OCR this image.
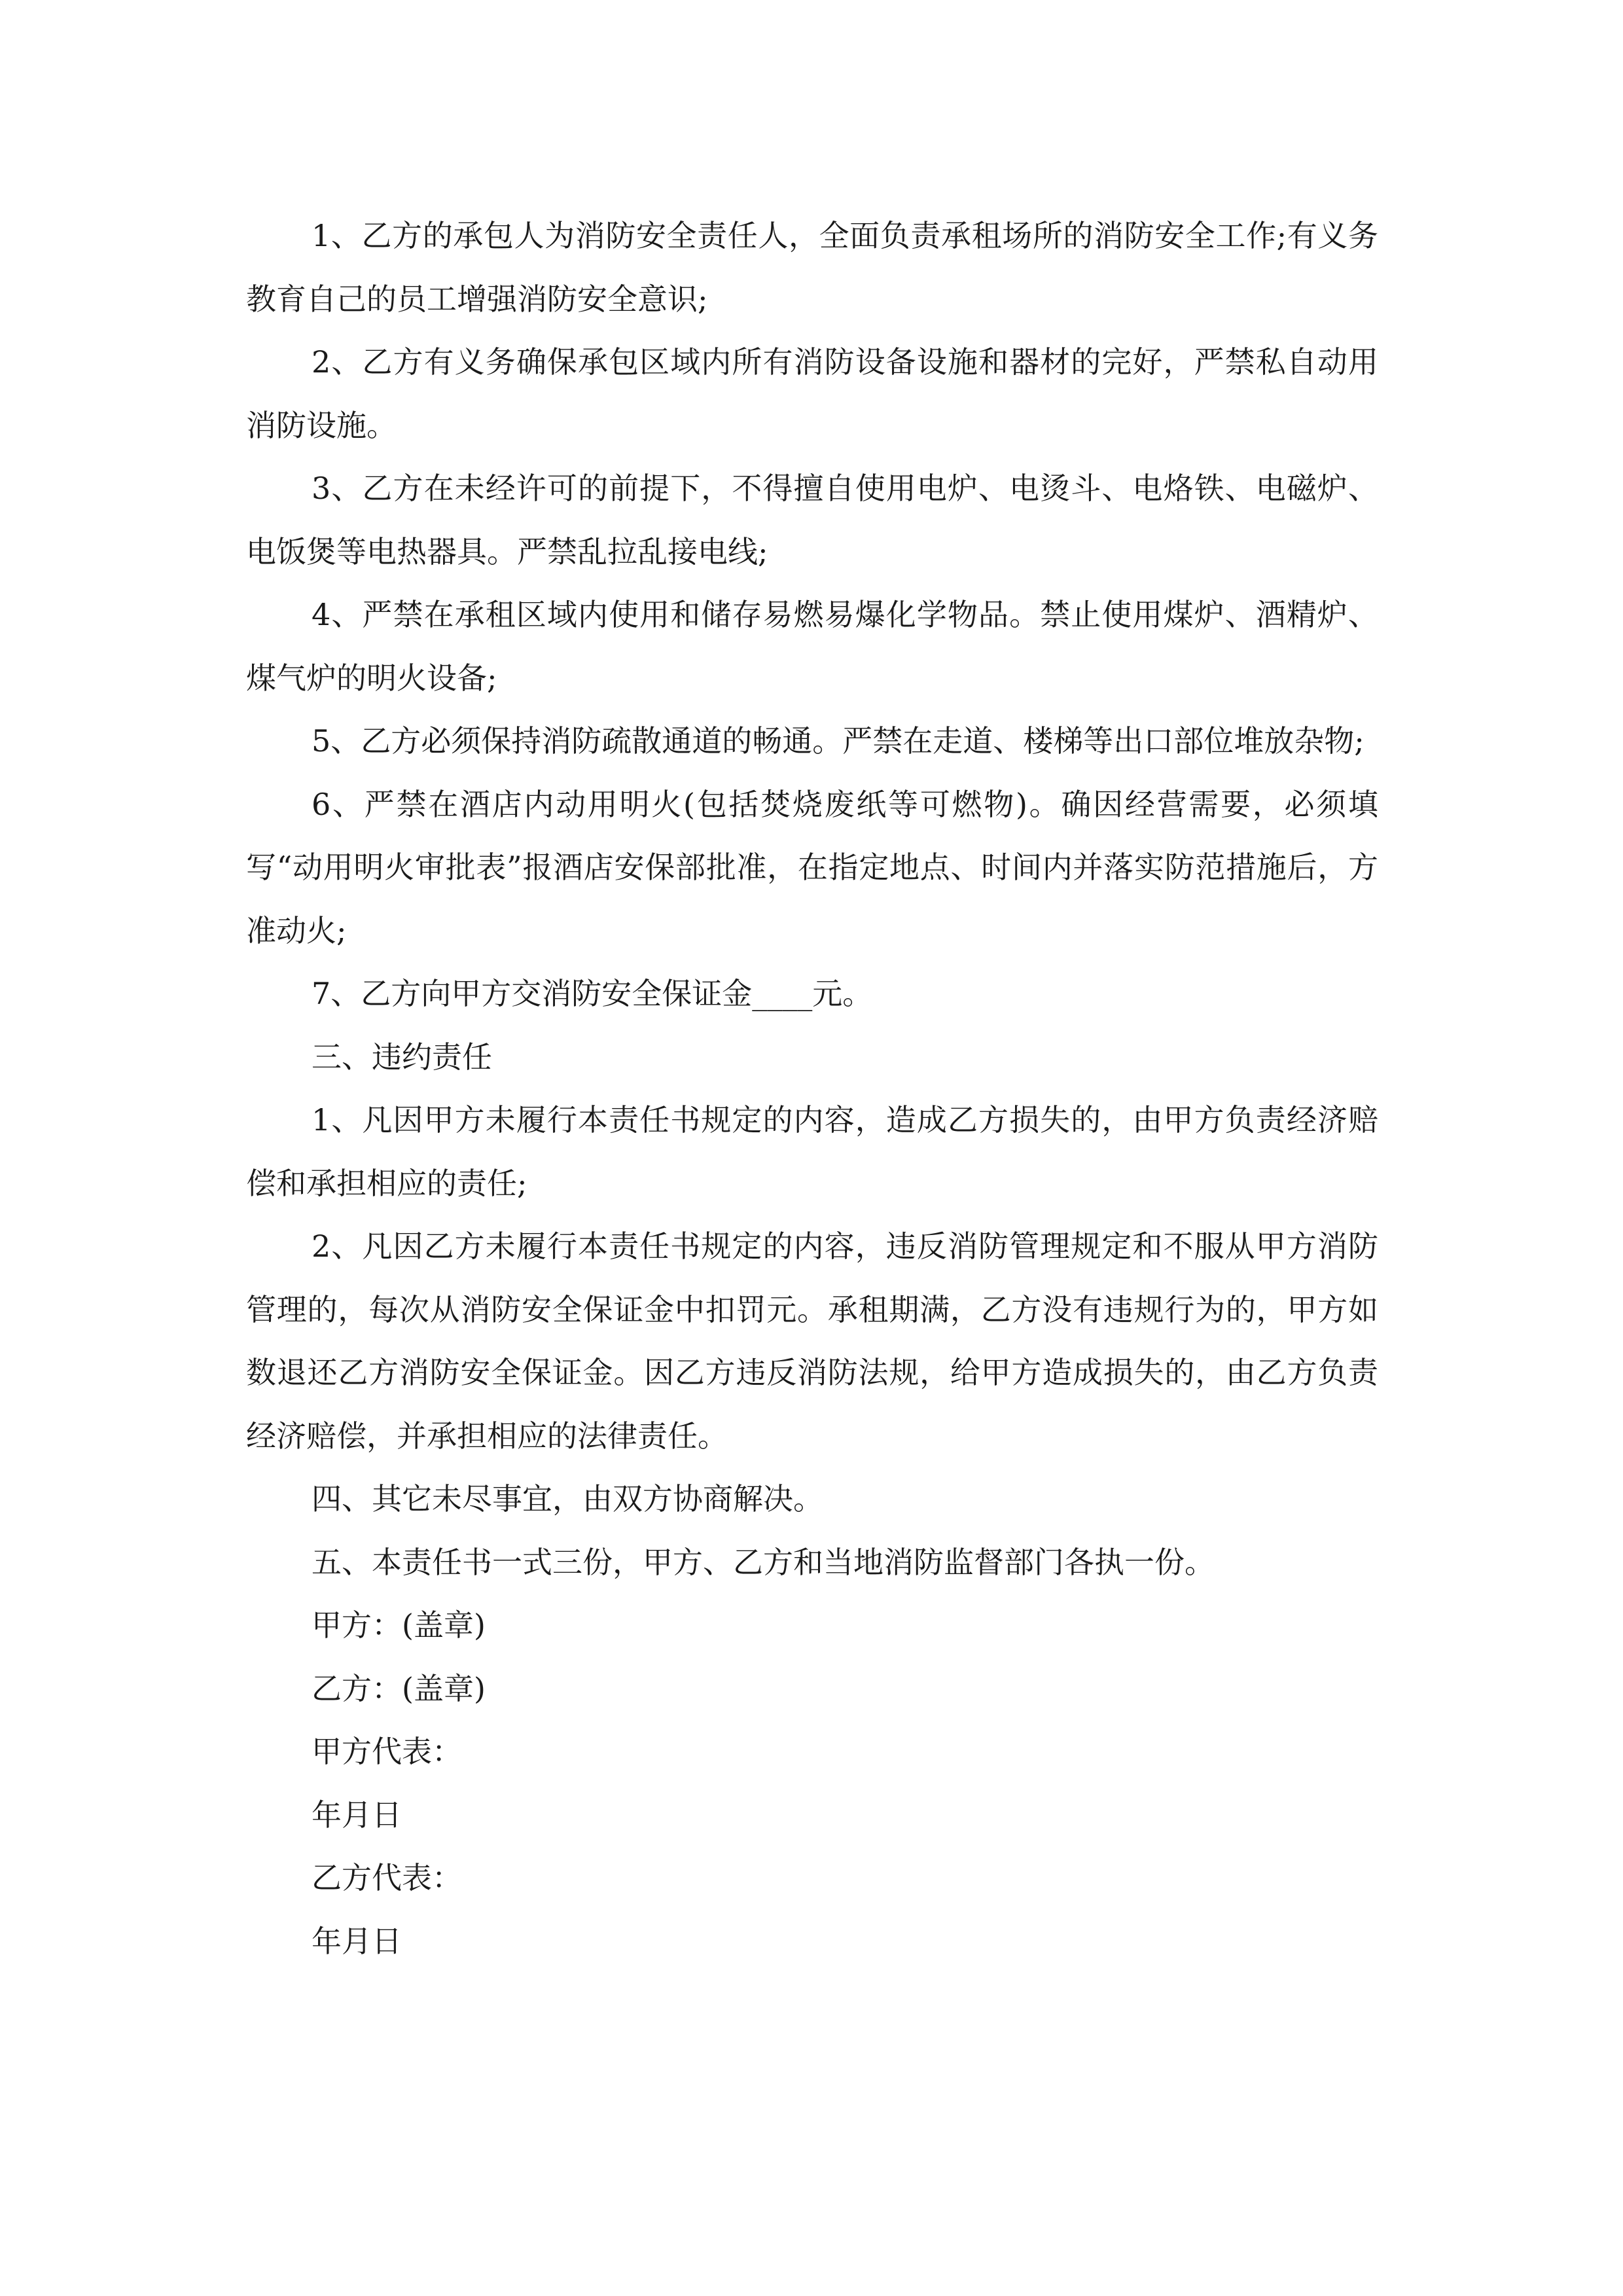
1、乙方的承包人为消防安全责任人，全面负责承租场所的消防安全工作;有义务教育自己的员工增强消防安全意识;

2、乙方有义务确保承包区域内所有消防设备设施和器材的完好，严禁私自动用消防设施。

3、乙方在未经许可的前提下，不得擅自使用电炉、电烫斗、电烙铁、电磁炉、电饭煲等电热器具。严禁乱拉乱接电线;

4、严禁在承租区域内使用和储存易燃易爆化学物品。禁止使用煤炉、酒精炉、煤气炉的明火设备;

5、乙方必须保持消防疏散通道的畅通。严禁在走道、楼梯等出口部位堆放杂物;

6、严禁在酒店内动用明火(包括焚烧废纸等可燃物)。确因经营需要，必须填写“动用明火审批表”报酒店安保部批准，在指定地点、时间内并落实防范措施后，方准动火;

7、乙方向甲方交消防安全保证金____元。

三、违约责任

1、凡因甲方未履行本责任书规定的内容，造成乙方损失的，由甲方负责经济赔偿和承担相应的责任;

2、凡因乙方未履行本责任书规定的内容，违反消防管理规定和不服从甲方消防管理的，每次从消防安全保证金中扣罚元。承租期满，乙方没有违规行为的，甲方如数退还乙方消防安全保证金。因乙方违反消防法规，给甲方造成损失的，由乙方负责经济赔偿，并承担相应的法律责任。

四、其它未尽事宜，由双方协商解决。

五、本责任书一式三份，甲方、乙方和当地消防监督部门各执一份。

甲方：(盖章)

乙方：(盖章)

甲方代表：

年月日

乙方代表：

年月日
